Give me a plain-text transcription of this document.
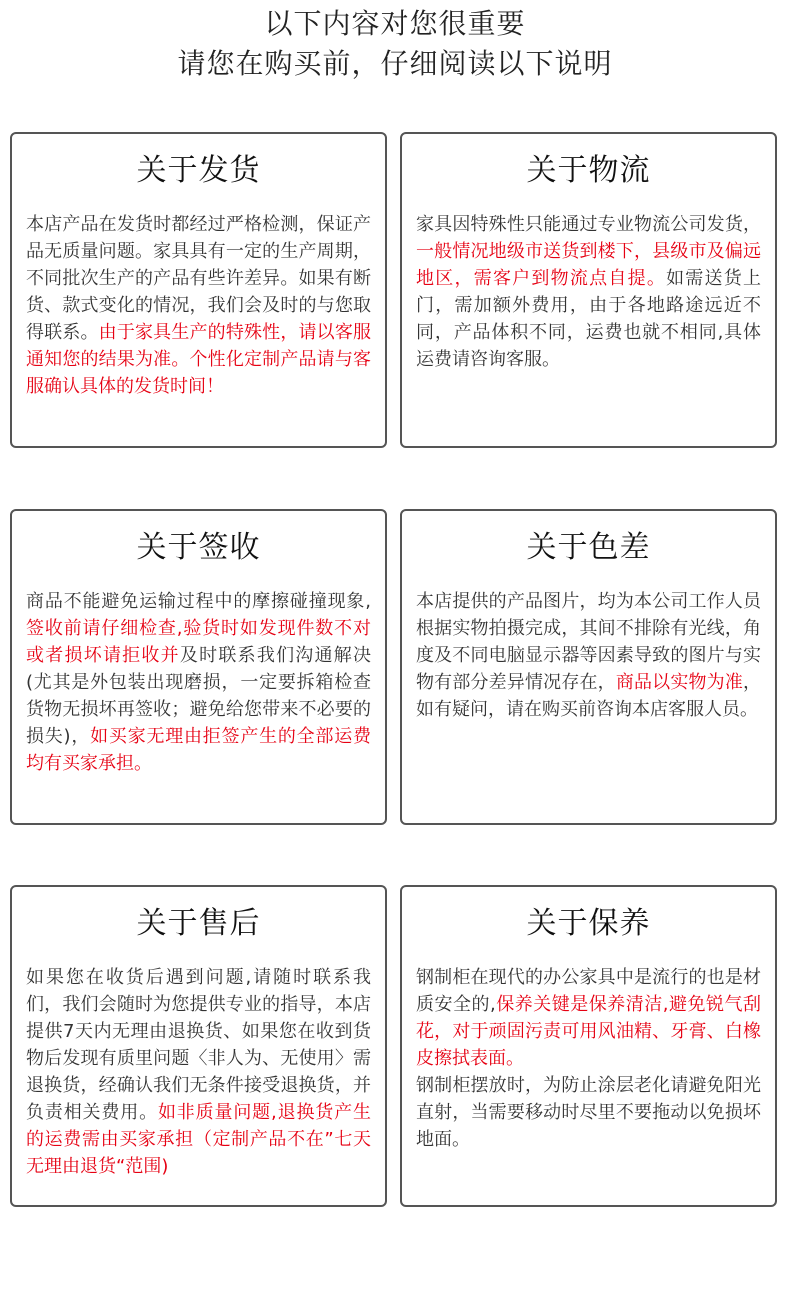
以下内容对您很重要
请您在购买前，仔细阅读以下说明
关于发货
本店产品在发货时都经过严格检测，保证产品无质量问题。家具具有一定的生产周期，不同批次生产的产品有些许差异。如果有断货、款式变化的情况，我们会及时的与您取得联系。由于家具生产的特殊性，请以客服通知您的结果为准。个性化定制产品请与客服确认具体的发货时间！
关于物流
家具因特殊性只能通过专业物流公司发货，一般情况地级市送货到楼下，县级市及偏远地区，需客户到物流点自提。如需送货上门，需加额外费用，由于各地路途远近不同，产品体积不同，运费也就不相同,具体运费请咨询客服。
关于签收
商品不能避免运输过程中的摩擦碰撞现象,签收前请仔细检查,验货时如发现件数不对或者损坏请拒收并及时联系我们沟通解决(尤其是外包装出现磨损，一定要拆箱检查货物无损坏再签收；避免给您带来不必要的损失)，如买家无理由拒签产生的全部运费均有买家承担。
关于色差
本店提供的产品图片，均为本公司工作人员根据实物拍摄完成，其间不排除有光线，角度及不同电脑显示器等因素导致的图片与实物有部分差异情况存在，商品以实物为准，如有疑问，请在购买前咨询本店客服人员。
关于售后
如果您在收货后遇到问题,请随时联系我们，我们会随时为您提供专业的指导，本店提供7天内无理由退换货、如果您在收到货物后发现有质里问题〈非人为、无使用〉需退换货，经确认我们无条件接受退换货，并负责相关费用。如非质量问题,退换货产生的运费需由买家承担（定制产品不在”七天无理由退货“范围)
关于保养
钢制柜在现代的办公家具中是流行的也是材质安全的,保养关键是保养清洁,避免锐气刮花，对于顽固污责可用风油精、牙膏、白橡皮擦拭表面。
钢制柜摆放时，为防止涂层老化请避免阳光直射，当需要移动时尽里不要拖动以免损坏地面。
